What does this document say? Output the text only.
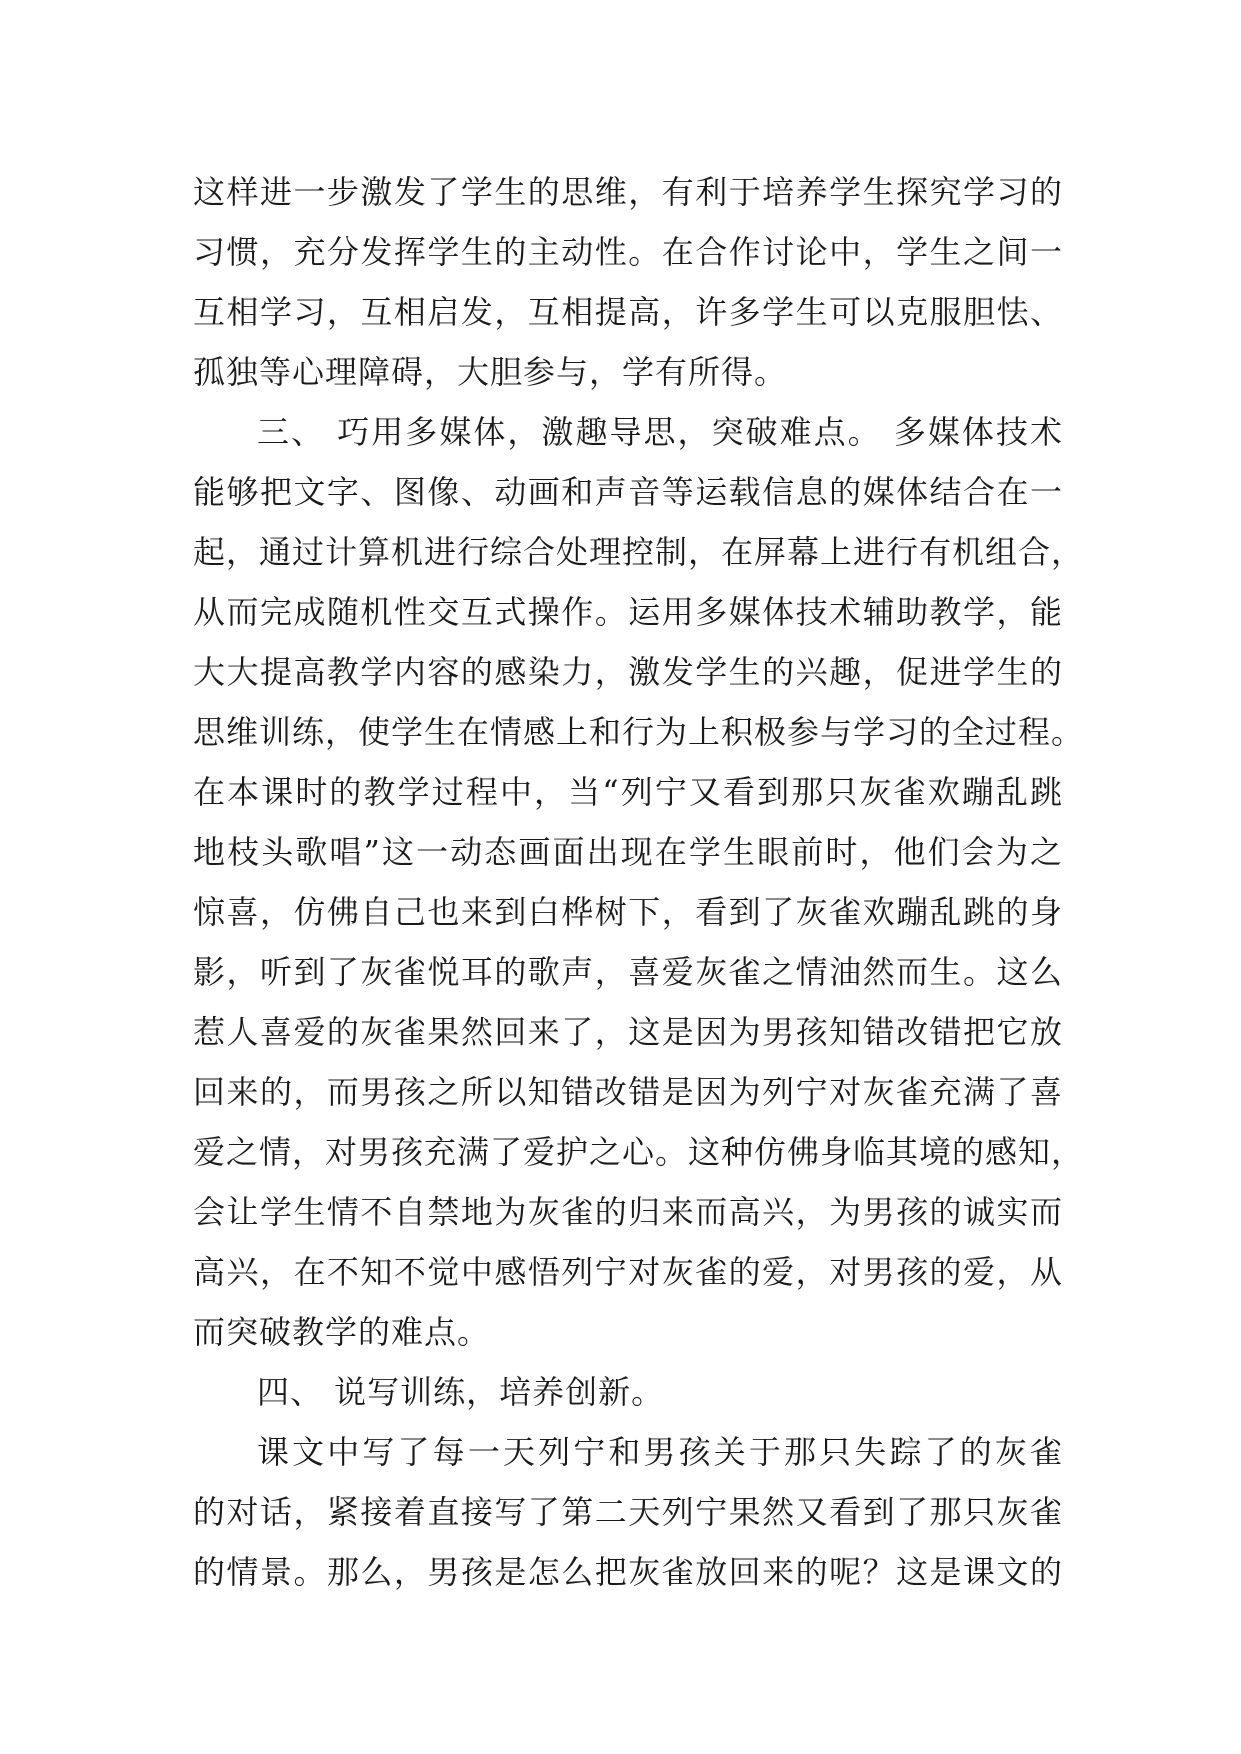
这样进一步激发了学生的思维，有利于培养学生探究学习的
习惯，充分发挥学生的主动性。在合作讨论中，学生之间一
互相学习，互相启发，互相提高，许多学生可以克服胆怯、
孤独等心理障碍，大胆参与，学有所得。
三、 巧用多媒体，激趣导思，突破难点。 多媒体技术
能够把文字、图像、动画和声音等运载信息的媒体结合在一
起，通过计算机进行综合处理控制，在屏幕上进行有机组合，
从而完成随机性交互式操作。运用多媒体技术辅助教学，能
大大提高教学内容的感染力，激发学生的兴趣，促进学生的
思维训练，使学生在情感上和行为上积极参与学习的全过程。
在本课时的教学过程中，当“列宁又看到那只灰雀欢蹦乱跳
地枝头歌唱”这一动态画面出现在学生眼前时，他们会为之
惊喜，仿佛自己也来到白桦树下，看到了灰雀欢蹦乱跳的身
影，听到了灰雀悦耳的歌声，喜爱灰雀之情油然而生。这么
惹人喜爱的灰雀果然回来了，这是因为男孩知错改错把它放
回来的，而男孩之所以知错改错是因为列宁对灰雀充满了喜
爱之情，对男孩充满了爱护之心。这种仿佛身临其境的感知，
会让学生情不自禁地为灰雀的归来而高兴，为男孩的诚实而
高兴，在不知不觉中感悟列宁对灰雀的爱，对男孩的爱，从
而突破教学的难点。
四、 说写训练，培养创新。
课文中写了每一天列宁和男孩关于那只失踪了的灰雀
的对话，紧接着直接写了第二天列宁果然又看到了那只灰雀
的情景。那么，男孩是怎么把灰雀放回来的呢？这是课文的
